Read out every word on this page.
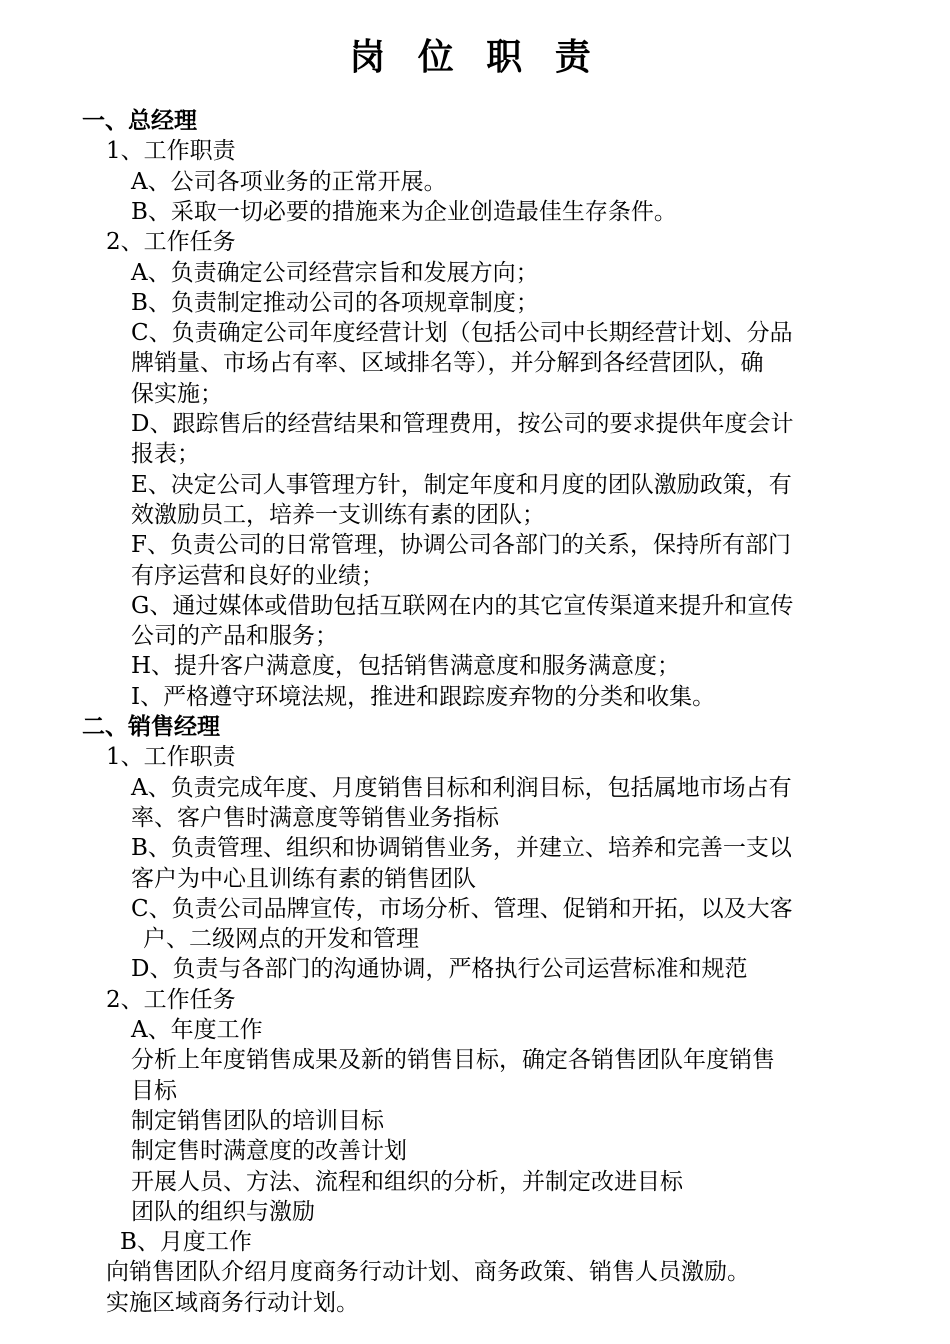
岗 位 职 责
一、总经理
1、工作职责
A、公司各项业务的正常开展。
B、采取一切必要的措施来为企业创造最佳生存条件。
2、工作任务
A、负责确定公司经营宗旨和发展方向；
B、负责制定推动公司的各项规章制度；
C、负责确定公司年度经营计划（包括公司中长期经营计划、分品
牌销量、市场占有率、区域排名等），并分解到各经营团队，确
保实施；
D、跟踪售后的经营结果和管理费用，按公司的要求提供年度会计
报表；
E、决定公司人事管理方针，制定年度和月度的团队激励政策，有
效激励员工，培养一支训练有素的团队；
F、负责公司的日常管理，协调公司各部门的关系，保持所有部门
有序运营和良好的业绩；
G、通过媒体或借助包括互联网在内的其它宣传渠道来提升和宣传
公司的产品和服务；
H、提升客户满意度，包括销售满意度和服务满意度；
I、严格遵守环境法规，推进和跟踪废弃物的分类和收集。
二、销售经理
1、工作职责
A、负责完成年度、月度销售目标和利润目标，包括属地市场占有
率、客户售时满意度等销售业务指标
B、负责管理、组织和协调销售业务，并建立、培养和完善一支以
客户为中心且训练有素的销售团队
C、负责公司品牌宣传，市场分析、管理、促销和开拓，以及大客
户、二级网点的开发和管理
D、负责与各部门的沟通协调，严格执行公司运营标准和规范
2、工作任务
A、年度工作
分析上年度销售成果及新的销售目标，确定各销售团队年度销售
目标
制定销售团队的培训目标
制定售时满意度的改善计划
开展人员、方法、流程和组织的分析，并制定改进目标
团队的组织与激励
B、月度工作
向销售团队介绍月度商务行动计划、商务政策、销售人员激励。
实施区域商务行动计划。
